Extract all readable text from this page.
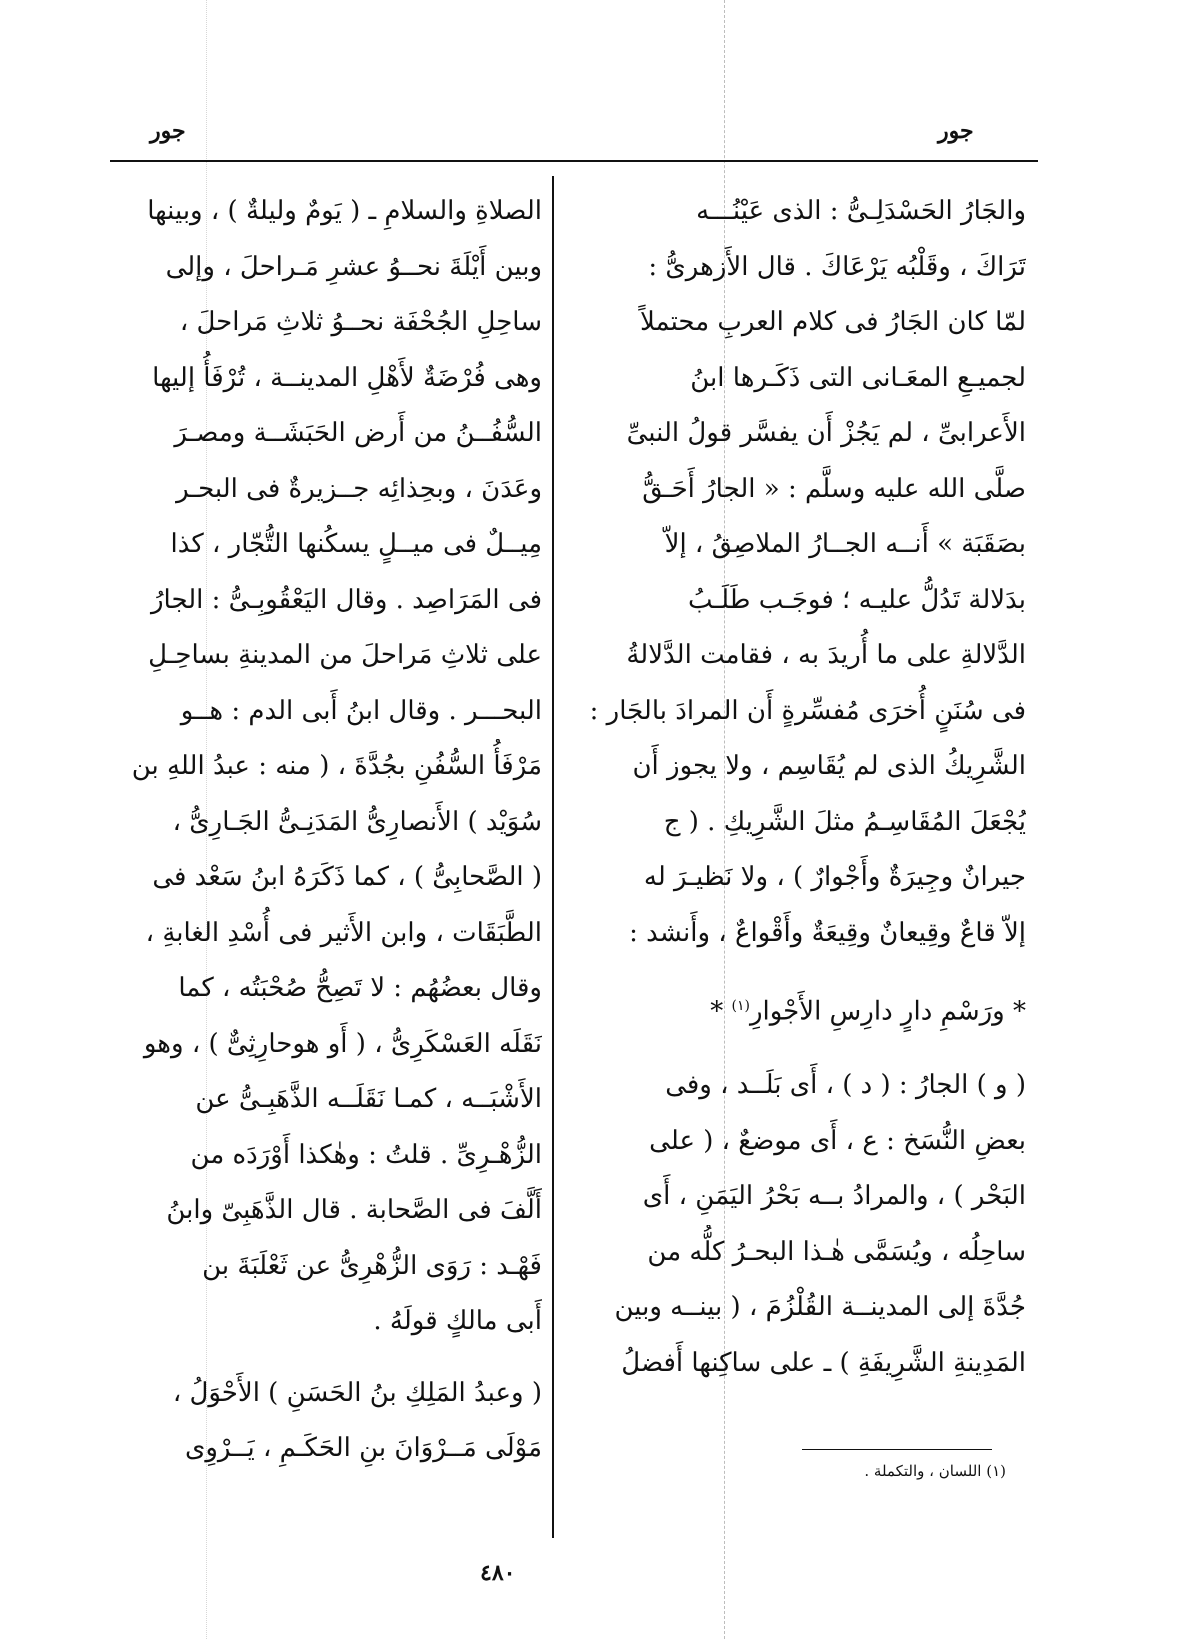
جور	جور
والجَارُ الحَسْدَلِـىُّ : الذى عَيْنُـــه
تَرَاكَ ، وقَلْبُه يَرْعَاكَ . قال الأَزهرىُّ :
لمّا كان الجَارُ فى كلام العربِ محتملاً
لجميـعِ المعَـانى التى ذَكَـرها ابنُ
الأَعرابىِّ ، لم يَجُزْ أَن يفسَّر قولُ النبىِّ
صلَّى الله عليه وسلَّم : « الجارُ أَحَـقُّ
بصَقَبَة » أَنــه الجــارُ الملاصِقُ ، إلاّ
بدَلالة تَدُلُّ عليـه ؛ فوجَـب طَلَـبُ
الدَّلالةِ على ما أُريدَ به ، فقامت الدَّلالةُ
فى سُنَنٍ أُخرَى مُفسِّرةٍ أَن المرادَ بالجَار :
الشَّرِيكُ الذى لم يُقَاسِم ، ولا يجوز أَن
يُجْعَلَ المُقَاسِـمُ مثلَ الشَّرِيكِ . ( ج
جيرانٌ وجِيرَةٌ وأَجْوارٌ ) ، ولا نَظيـرَ له
إلاّ قاعٌ وقِيعانٌ وقِيعَةٌ وأَقْواعٌ ، وأَنشد :
* ورَسْمِ دارٍ دارِسِ الأَجْوارِ$^{(١)}$ *
( و ) الجارُ : ( د ) ، أَى بَلَــد ، وفى
بعضِ النُّسَخ : ع ، أَى موضعٌ ، ( على
البَحْر ) ، والمرادُ بــه بَحْرُ اليَمَنِ ، أَى
ساحِلُه ، ويُسَمَّى هٰـذا البحـرُ كلُّه من
جُدَّةَ إلى المدينــة القُلْزُمَ ، ( بينــه وبين
المَدِينةِ الشَّرِيفَةِ ) ـ على ساكِنها أَفضلُ
الصلاةِ والسلامِ ـ ( يَومٌ وليلةٌ ) ، وبينها
وبين أَيْلَةَ نحــوُ عشرِ مَـراحلَ ، وإلى
ساحِلِ الجُحْفَة نحــوُ ثلاثِ مَراحلَ ،
وهى فُرْضَةٌ لأَهْلِ المدينــة ، تُرْفَأُ إليها
السُّفُــنُ من أَرض الحَبَشَــة ومصـرَ
وعَدَنَ ، وبحِذائِه جــزيرةٌ فى البحـر
مِيــلٌ فى ميــلٍ يسكُنها التُّجّار ، كذا
فى المَرَاصِد . وقال اليَعْقُوبِـىُّ : الجارُ
على ثلاثِ مَراحلَ من المدينةِ بساحِـلِ
البحـــر . وقال ابنُ أَبى الدم : هــو
مَرْفَأُ السُّفُنِ بجُدَّةَ ، ( منه : عبدُ اللهِ بن
سُوَيْد ) الأَنصارِىُّ المَدَنِـىُّ الجَـارِىُّ ،
( الصَّحابِىُّ ) ، كما ذَكَرَهُ ابنُ سَعْد فى
الطَّبَقَات ، وابن الأَثير فى أُسْدِ الغابةِ ،
وقال بعضُهُم : لا تَصِحُّ صُحْبَتُه ، كما
نَقَلَه العَسْكَرِىُّ ، ( أَو هوحارِثِىٌّ ) ، وهو
الأَشْبَــه ، كمـا نَقَلَــه الذَّهَبِـىُّ عن
الزُّهْـرِىِّ . قلتُ : وهٰكذا أَوْرَدَه من
أَلَّفَ فى الصَّحابة . قال الذَّهَبِىّ وابنُ
فَهْـد : رَوَى الزُّهْرِىُّ عن ثَعْلَبَةَ بن
أَبى مالكٍ قولَهُ .
( وعبدُ المَلِكِ بنُ الحَسَنِ ) الأَحْوَلُ ،
مَوْلَى مَــرْوَانَ بنِ الحَكَـمِ ، يَــرْوِى
(١) اللسان ، والتكملة .
٤٨٠
